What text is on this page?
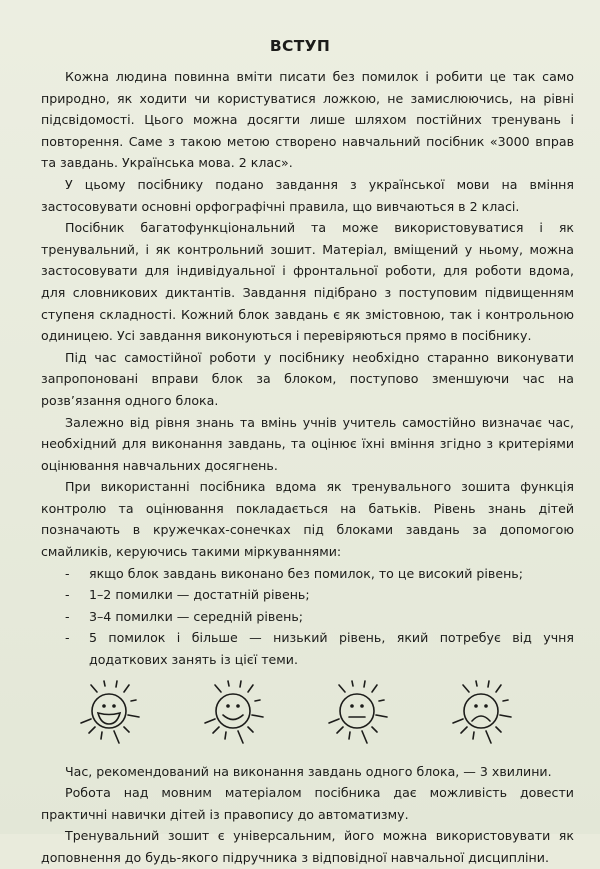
ВСТУП

Кожна людина повинна вміти писати без помилок і робити це так само природно, як ходити чи користуватися ложкою, не замислюючись, на рівні підсвідомості. Цього можна досягти лише шляхом постійних тренувань і повторення. Саме з такою метою створено навчальний посібник «3000 вправ та завдань. Українська мова. 2 клас».

У цьому посібнику подано завдання з української мови на вміння застосовувати основні орфографічні правила, що вивчаються в 2 класі.

Посібник багатофункціональний та може використовуватися і як тренувальний, і як контрольний зошит. Матеріал, вміщений у ньому, можна застосовувати для індивідуальної і фронтальної роботи, для роботи вдома, для словникових диктантів. Завдання підібрано з поступовим підвищенням ступеня складності. Кожний блок завдань є як змістовною, так і контрольною одиницею. Усі завдання виконуються і перевіряються прямо в посібнику.

Під час самостійної роботи у посібнику необхідно старанно виконувати запропоновані вправи блок за блоком, поступово зменшуючи час на розв’язання одного блока.

Залежно від рівня знань та вмінь учнів учитель самостійно визначає час, необхідний для виконання завдань, та оцінює їхні вміння згідно з критеріями оцінювання навчальних досягнень.

При використанні посібника вдома як тренувального зошита функція контролю та оцінювання покладається на батьків. Рівень знань дітей позначають в кружечках-сонечках під блоками завдань за допомогою смайликів, керуючись такими міркуваннями:

- якщо блок завдань виконано без помилок, то це високий рівень;
- 1–2 помилки — достатній рівень;
- 3–4 помилки — середній рівень;
- 5 помилок і більше — низький рівень, який потребує від учня додаткових занять із цієї теми.

Час, рекомендований на виконання завдань одного блока, — 3 хвилини.

Робота над мовним матеріалом посібника дає можливість довести практичні навички дітей із правопису до автоматизму.

Тренувальний зошит є універсальним, його можна використовувати як доповнення до будь-якого підручника з відповідної навчальної дисципліни.
